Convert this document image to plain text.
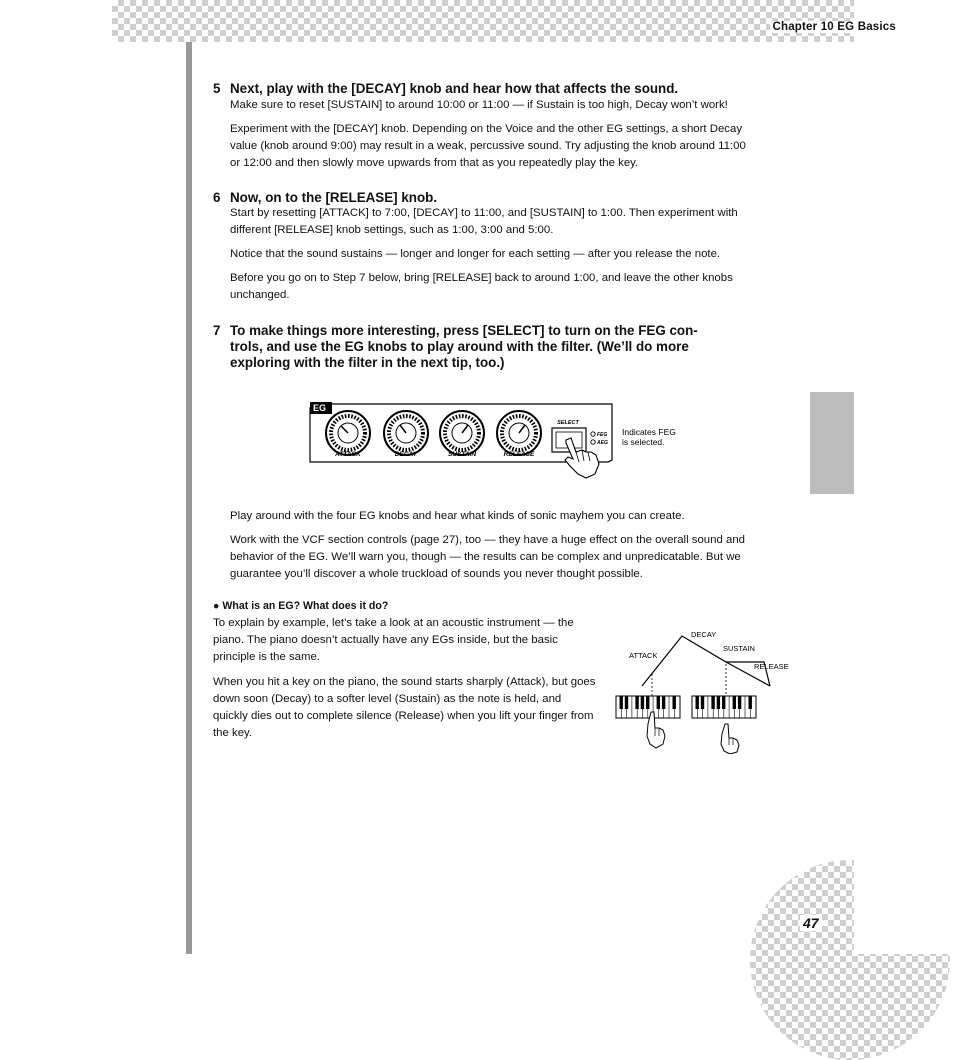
Chapter 10 EG Basics
47
5 Next, play with the [DECAY] knob and hear how that affects the sound.

Make sure to reset [SUSTAIN] to around 10:00 or 11:00 — if Sustain is too high, Decay won’t work!

Experiment with the [DECAY] knob. Depending on the Voice and the other EG settings, a short Decay value (knob around 9:00) may result in a weak, percussive sound. Try adjusting the knob around 11:00 or 12:00 and then slowly move upwards from that as you repeatedly play the key.

6 Now, on to the [RELEASE] knob.

Start by resetting [ATTACK] to 7:00, [DECAY] to 11:00, and [SUSTAIN] to 1:00. Then experiment with different [RELEASE] knob settings, such as 1:00, 3:00 and 5:00.

Notice that the sound sustains — longer and longer for each setting — after you release the note.

Before you go on to Step 7 below, bring [RELEASE] back to around 1:00, and leave the other knobs unchanged.

7 To make things more interesting, press [SELECT] to turn on the FEG con-
trols, and use the EG knobs to play around with the filter. (We’ll do more
exploring with the filter in the next tip, too.)
EG
ATTACK	DECAY	SUSTAIN	RELEASE
SELECT
FEG
AEG
Indicates FEG
is selected.

Play around with the four EG knobs and hear what kinds of sonic mayhem you can create.

Work with the VCF section controls (page 27), too — they have a huge effect on the overall sound and behavior of the EG. We’ll warn you, though — the results can be complex and unpredicatable. But we guarantee you’ll discover a whole truckload of sounds you never thought possible.

● What is an EG? What does it do?

To explain by example, let’s take a look at an acoustic instrument — the piano. The piano doesn’t actually have any EGs inside, but the basic principle is the same.

When you hit a key on the piano, the sound starts sharply (Attack), but goes down soon (Decay) to a softer level (Sustain) as the note is held, and quickly dies out to complete silence (Release) when you lift your finger from the key.

ATTACK
DECAY
SUSTAIN
RELEASE
